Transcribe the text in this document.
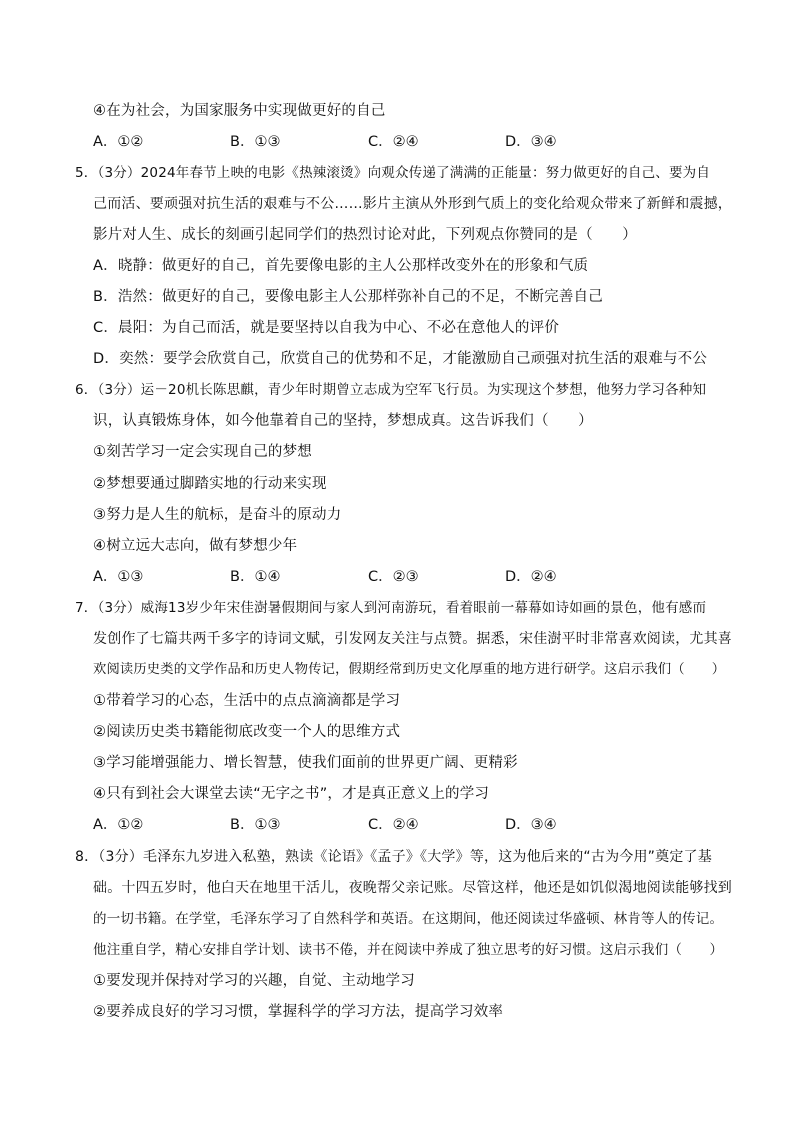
④在为社会，为国家服务中实现做更好的自己
A．①②	B．①③	C．②④	D．③④
5．（3分）2024年春节上映的电影《热辣滚烫》向观众传递了满满的正能量：努力做更好的自己、要为自
己而活、要顽强对抗生活的艰难与不公……影片主演从外形到气质上的变化给观众带来了新鲜和震撼，
影片对人生、成长的刻画引起同学们的热烈讨论对此，下列观点你赞同的是（　　）
A．晓静：做更好的自己，首先要像电影的主人公那样改变外在的形象和气质
B．浩然：做更好的自己，要像电影主人公那样弥补自己的不足，不断完善自己
C．晨阳：为自己而活，就是要坚持以自我为中心、不必在意他人的评价
D．奕然：要学会欣赏自己，欣赏自己的优势和不足，才能激励自己顽强对抗生活的艰难与不公
6．（3分）运－20机长陈思麒，青少年时期曾立志成为空军飞行员。为实现这个梦想，他努力学习各种知
识，认真锻炼身体，如今他靠着自己的坚持，梦想成真。这告诉我们（　　）
①刻苦学习一定会实现自己的梦想
②梦想要通过脚踏实地的行动来实现
③努力是人生的航标，是奋斗的原动力
④树立远大志向，做有梦想少年
A．①③	B．①④	C．②③	D．②④
7．（3分）威海13岁少年宋佳澍暑假期间与家人到河南游玩，看着眼前一幕幕如诗如画的景色，他有感而
发创作了七篇共两千多字的诗词文赋，引发网友关注与点赞。据悉，宋佳澍平时非常喜欢阅读，尤其喜
欢阅读历史类的文学作品和历史人物传记，假期经常到历史文化厚重的地方进行研学。这启示我们（　　）
①带着学习的心态，生活中的点点滴滴都是学习
②阅读历史类书籍能彻底改变一个人的思维方式
③学习能增强能力、增长智慧，使我们面前的世界更广阔、更精彩
④只有到社会大课堂去读“无字之书”，才是真正意义上的学习
A．①②	B．①③	C．②④	D．③④
8．（3分）毛泽东九岁进入私塾，熟读《论语》《孟子》《大学》等，这为他后来的“古为今用”奠定了基
础。十四五岁时，他白天在地里干活儿，夜晚帮父亲记账。尽管这样，他还是如饥似渴地阅读能够找到
的一切书籍。在学堂，毛泽东学习了自然科学和英语。在这期间，他还阅读过华盛顿、林肯等人的传记。
他注重自学，精心安排自学计划、读书不倦，并在阅读中养成了独立思考的好习惯。这启示我们（　　）
①要发现并保持对学习的兴趣，自觉、主动地学习
②要养成良好的学习习惯，掌握科学的学习方法，提高学习效率
